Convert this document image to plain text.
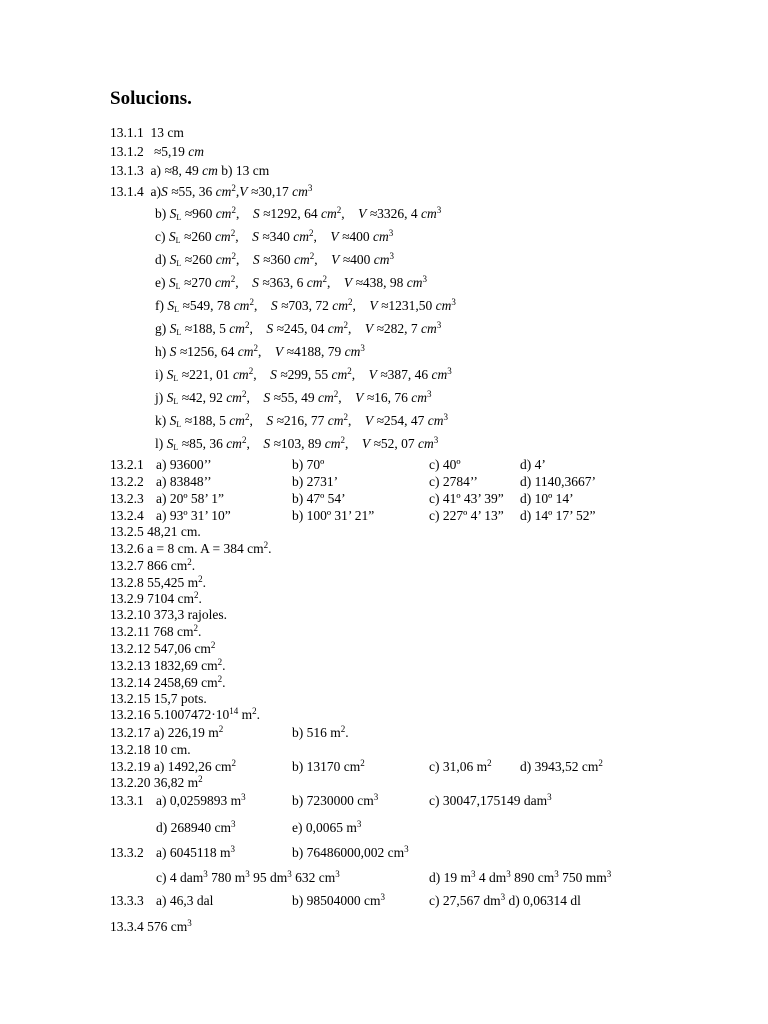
Solucions.
13.1.1 13 cm
13.1.2 ≈5,19 cm
13.1.3 a) ≈8, 49 cm b) 13 cm
13.1.4 a)S ≈55, 36 $cm^2,V \approx 30,17$ $cm^3$
b) $S_L \approx 960$ $cm^2$,    S ≈1292, 64 $cm^2$,    V ≈3326, 4 $cm^3$
c) $S_L \approx 260$ $cm^2$,    S ≈340 $cm^2$,    V ≈400 $cm^3$
d) $S_L \approx 260$ $cm^2$,    S ≈360 $cm^2$,    V ≈400 $cm^3$
e) $S_L \approx 270$ $cm^2$,    S ≈363, 6 $cm^2$,    V ≈438, 98 $cm^3$
f) $S_L \approx 549$, 78 $cm^2$,    S ≈703, 72 $cm^2$,    V ≈1231,50 $cm^3$
g) $S_L \approx 188$, 5 $cm^2$,    S ≈245, 04 $cm^2$,    V ≈282, 7 $cm^3$
h) S ≈1256, 64 $cm^2$,    V ≈4188, 79 $cm^3$
i) $S_L \approx 221$, 01 $cm^2$,    S ≈299, 55 $cm^2$,    V ≈387, 46 $cm^3$
j) $S_L \approx 42$, 92 $cm^2$,    S ≈55, 49 $cm^2$,    V ≈16, 76 $cm^3$
k) $S_L \approx 188$, 5 $cm^2$,    S ≈216, 77 $cm^2$,    V ≈254, 47 $cm^3$
l) $S_L \approx 85$, 36 $cm^2$,    S ≈103, 89 $cm^2$,    V ≈52, 07 $cm^3$
13.2.1 a) 93600’’	b) 70º	c) 40º	d) 4’
13.2.2 a) 83848’’	b) 2731’	c) 2784’’	d) 1140,3667’
13.2.3 a) 20º 58’ 1”	b) 47º 54’	c) 41º 43’ 39” d) 10º 14’
13.2.4 a) 93º 31’ 10”	b) 100º 31’ 21”	c) 227º 4’ 13” d) 14º 17’ 52”
13.2.5 48,21 cm.
13.2.6 a = 8 cm. A = 384 $cm^2$.
13.2.7 866 $cm^2$.
13.2.8 55,425 $m^2$.
13.2.9 7104 $cm^2$.
13.2.10 373,3 rajoles.
13.2.11 768 $cm^2$.
13.2.12 547,06 $cm^2$
13.2.13 1832,69 $cm^2$.
13.2.14 2458,69 $cm^2$.
13.2.15 15,7 pots.
13.2.16 $5.1007472\cdot 10^{14}$ $m^2$.
13.2.17 a) 226,19 $m^2$	b) 516 $m^2$.
13.2.18 10 cm.
13.2.19 a) 1492,26 $cm^2$	b) 13170 $cm^2$	c) 31,06 $m^2$ d) 3943,52 $cm^2$
13.2.20 36,82 $m^2$
13.3.1 a) 0,0259893 $m^3$	b) 7230000 $cm^3$	c) 30047,175149 dam$^3$
d) 268940 $cm^3$	e) 0,0065 $m^3$
13.3.2 a) 6045118 $m^3$	b) 76486000,002 $cm^3$
c) 4 dam$^3$ 780 $m^3$ 95 $dm^3$ 632 $cm^3$	d) 19 $m^3$ 4 $dm^3$ 890 $cm^3$ 750 $mm^3$
13.3.3 a) 46,3 dal	b) 98504000 $cm^3$	c) 27,567 $dm^3$ d) 0,06314 dl
13.3.4 576 $cm^3$
